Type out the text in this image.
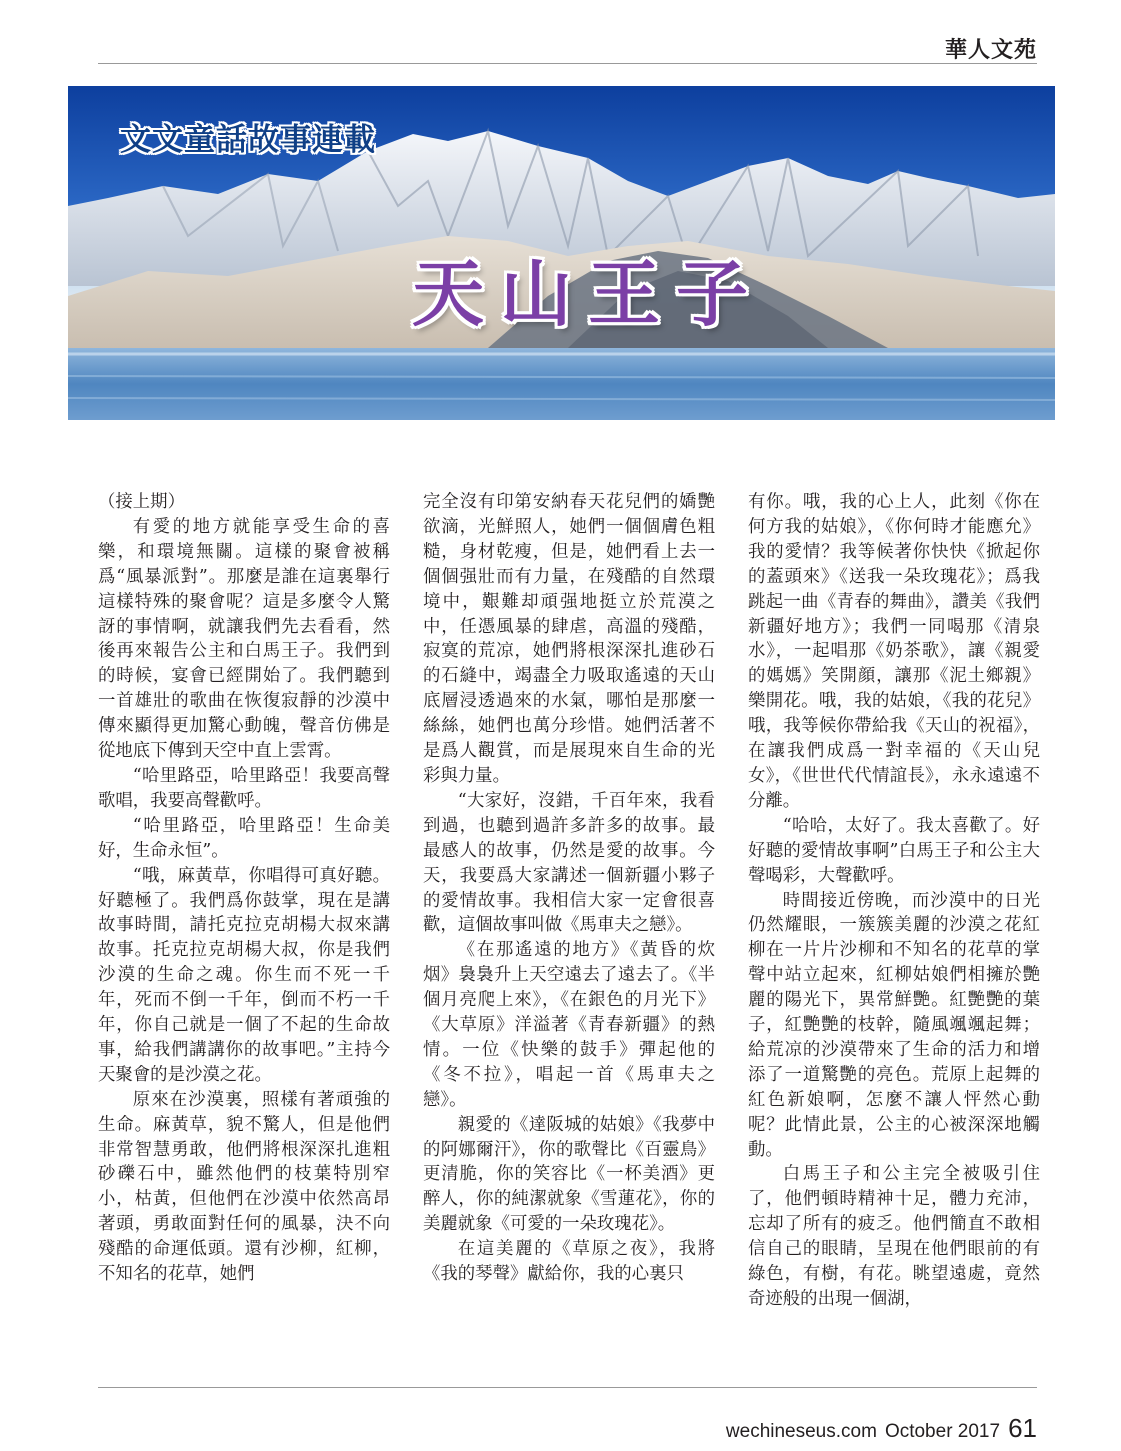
華人文苑
文文童話故事連載
天山王子

（接上期）

有愛的地方就能享受生命的喜樂，和環境無關。這樣的聚會被稱爲“風暴派對”。那麼是誰在這裏舉行這樣特殊的聚會呢？這是多麼令人驚訝的事情啊，就讓我們先去看看，然後再來報告公主和白馬王子。我們到的時候，宴會已經開始了。我們聽到一首雄壯的歌曲在恢復寂靜的沙漠中傳來顯得更加驚心動魄，聲音仿佛是從地底下傳到天空中直上雲霄。

“哈里路亞，哈里路亞！我要高聲歌唱，我要高聲歡呼。

“哈里路亞，哈里路亞！生命美好，生命永恒”。

“哦，麻黃草，你唱得可真好聽。好聽極了。我們爲你鼓掌，現在是講故事時間，請托克拉克胡楊大叔來講故事。托克拉克胡楊大叔，你是我們沙漠的生命之魂。你生而不死一千年，死而不倒一千年，倒而不朽一千年，你自己就是一個了不起的生命故事，給我們講講你的故事吧。”主持今天聚會的是沙漠之花。

原來在沙漠裏，照樣有著頑強的生命。麻黃草，貌不驚人，但是他們非常智慧勇敢，他們將根深深扎進粗砂礫石中，雖然他們的枝葉特別窄小，枯黃，但他們在沙漠中依然高昂著頭，勇敢面對任何的風暴，決不向殘酷的命運低頭。還有沙柳，紅柳，不知名的花草，她們

完全沒有印第安納春天花兒們的嬌艷欲滴，光鮮照人，她們一個個膚色粗糙，身材乾瘦，但是，她們看上去一個個强壯而有力量，在殘酷的自然環境中，艱難却頑强地挺立於荒漠之中，任憑風暴的肆虐，高溫的殘酷，寂寞的荒凉，她們將根深深扎進砂石的石縫中，竭盡全力吸取遙遠的天山底層浸透過來的水氣，哪怕是那麼一絲絲，她們也萬分珍惜。她們活著不是爲人觀賞，而是展現來自生命的光彩與力量。

“大家好，沒錯，千百年來，我看到過，也聽到過許多許多的故事。最最感人的故事，仍然是愛的故事。今天，我要爲大家講述一個新疆小夥子的愛情故事。我相信大家一定會很喜歡，這個故事叫做《馬車夫之戀》。

《在那遙遠的地方》《黃昏的炊烟》裊裊升上天空遠去了遠去了。《半個月亮爬上來》，《在銀色的月光下》《大草原》洋溢著《青春新疆》的熱情。一位《快樂的鼓手》彈起他的《冬不拉》，唱起一首《馬車夫之戀》。

親愛的《達阪城的姑娘》《我夢中的阿娜爾汗》，你的歌聲比《百靈鳥》更清脆，你的笑容比《一杯美酒》更醉人，你的純潔就象《雪蓮花》，你的美麗就象《可愛的一朵玫瑰花》。

在這美麗的《草原之夜》，我將《我的琴聲》獻給你，我的心裏只

有你。哦，我的心上人，此刻《你在何方我的姑娘》，《你何時才能應允》我的愛情？我等候著你快快《掀起你的蓋頭來》《送我一朵玫瑰花》；爲我跳起一曲《青春的舞曲》，讚美《我們新疆好地方》；我們一同喝那《清泉水》，一起唱那《奶茶歌》，讓《親愛的媽媽》笑開顔，讓那《泥土鄉親》樂開花。哦，我的姑娘，《我的花兒》哦，我等候你帶給我《天山的祝福》，在讓我們成爲一對幸福的《天山兒女》，《世世代代情誼長》，永永遠遠不分離。

“哈哈，太好了。我太喜歡了。好好聽的愛情故事啊”白馬王子和公主大聲喝彩，大聲歡呼。

時間接近傍晚，而沙漠中的日光仍然耀眼，一簇簇美麗的沙漠之花紅柳在一片片沙柳和不知名的花草的掌聲中站立起來，紅柳姑娘們相擁於艷麗的陽光下，異常鮮艷。紅艷艷的葉子，紅艷艷的枝幹，隨風颯颯起舞；給荒凉的沙漠帶來了生命的活力和增添了一道驚艷的亮色。荒原上起舞的紅色新娘啊，怎麼不讓人怦然心動呢？此情此景，公主的心被深深地觸動。

白馬王子和公主完全被吸引住了，他們頓時精神十足，體力充沛，忘却了所有的疲乏。他們簡直不敢相信自己的眼睛，呈現在他們眼前的有綠色，有樹，有花。眺望遠處，竟然奇迹般的出現一個湖，

wechineseus.com October 2017 61
